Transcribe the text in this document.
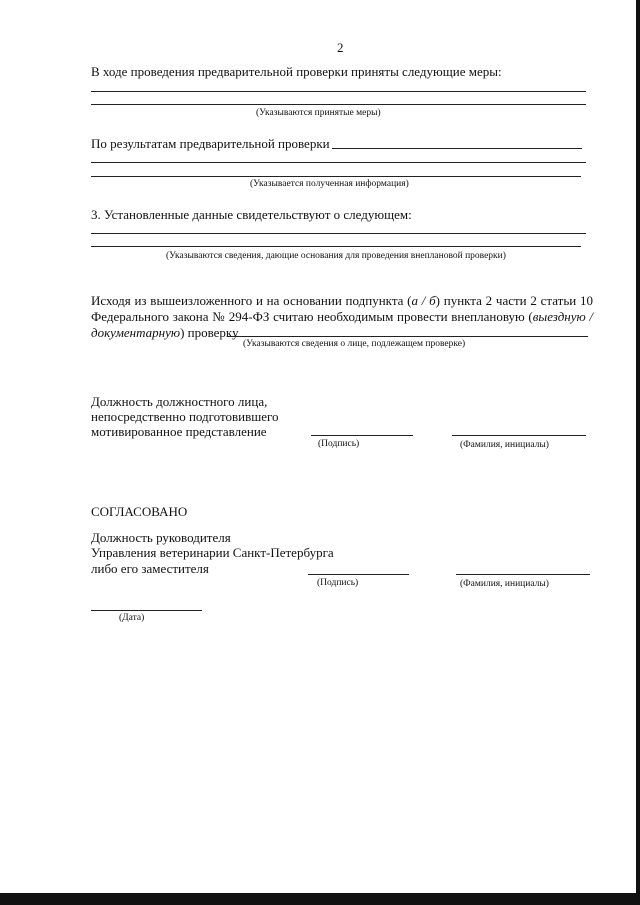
2
В ходе проведения предварительной проверки приняты следующие меры:
(Указываются принятые меры)
По результатам предварительной проверки
(Указывается полученная информация)
3. Установленные данные свидетельствуют о следующем:
(Указываются сведения, дающие основания для проведения внеплановой проверки)
Исходя из вышеизложенного и на основании подпункта (а / б) пункта 2 части 2 статьи 10 Федерального закона № 294-ФЗ считаю необходимым провести внеплановую (выездную / документарную) проверку
(Указываются сведения о лице, подлежащем проверке)
Должность должностного лица,
непосредственно подготовившего
мотивированное представление
(Подпись)	(Фамилия, инициалы)
СОГЛАСОВАНО
Должность руководителя
Управления ветеринарии Санкт-Петербурга
либо его заместителя
(Подпись)	(Фамилия, инициалы)
(Дата)
